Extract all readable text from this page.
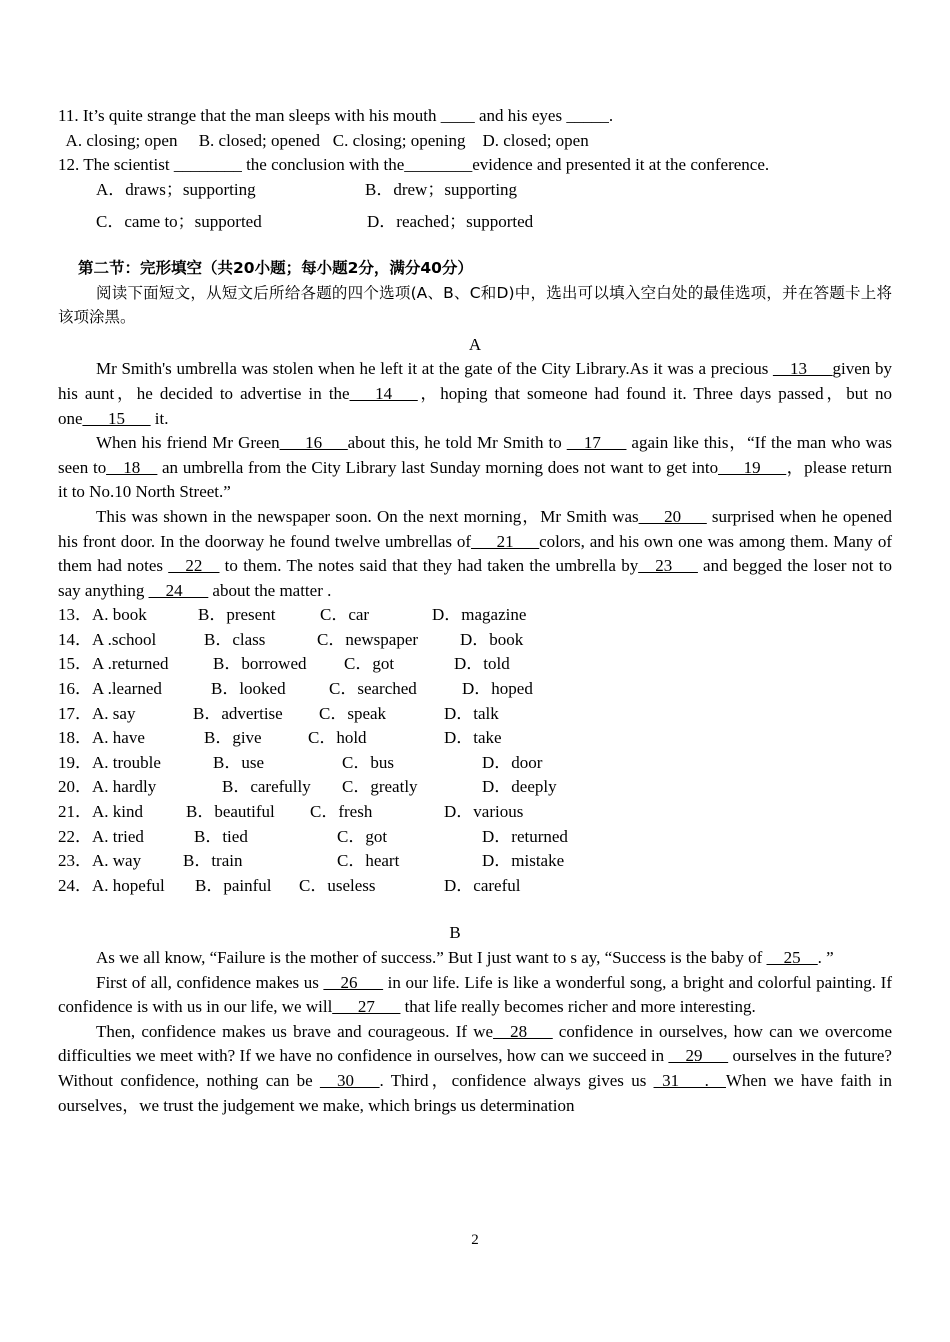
11. It’s quite strange that the man sleeps with his mouth ____ and his eyes _____.

A. closing; open     B. closed; opened   C. closing; opening    D. closed; open

12. The scientist ________ the conclusion with the________evidence and presented it at the conference.

A．draws；supporting	B．drew；supporting

C．came to；supported	D．reached；supported

第二节：完形填空（共20小题；每小题2分，满分40分）

阅读下面短文，从短文后所给各题的四个选项(A、B、C和D)中，选出可以填入空白处的最佳选项，并在答题卡上将该项涂黑。

A

Mr Smith's umbrella was stolen when he left it at the gate of the City Library.As it was a precious __13___given by his aunt，he decided to advertise in the___14___，hoping that someone had found it. Three days passed，but no one___15___ it.

When his friend Mr Green___16___about this, he told Mr Smith to __17___ again like this，“If the man who was seen to__18__ an umbrella from the City Library last Sunday morning does not want to get into___19___，please return it to No.10 North Street.”

This was shown in the newspaper soon. On the next morning，Mr Smith was___20___ surprised when he opened his front door. In the doorway he found twelve umbrellas of___21___colors, and his own one was among them. Many of them had notes __22__ to them. The notes said that they had taken the umbrella by__23___ and begged the loser not to say anything __24___ about the matter .

13．A. book	B．present	C．car	D．magazine

14．A .school	B．class	C．newspaper D．book

15．A .returned	B．borrowed C．got	D．told

16．A .learned	B．looked	C．searched	D．hoped

17．A. say	B．advertise C．speak	D．talk

18．A. have	B．give	C．hold	D．take

19．A. trouble	B．use	C．bus	D．door

20．A. hardly	B．carefully C．greatly	D．deeply

21．A. kind	B．beautiful C．fresh	D．various

22．A. tried	B．tied	C．got	D．returned

23．A. way B．train	C．heart	D．mistake

24．A. hopeful B．painful C．useless	D．careful

B

As we all know, “Failure is the mother of success.” But I just want to s ay, “Success is the baby of __25__. ”

First of all, confidence makes us __26___ in our life. Life is like a wonderful song, a bright and colorful painting. If confidence is with us in our life, we will___27___ that life really becomes richer and more interesting.

Then, confidence makes us brave and courageous. If we__28___ confidence in ourselves, how can we overcome difficulties we meet with? If we have no confidence in ourselves, how can we succeed in __29___ ourselves in the future? Without confidence, nothing can be __30___. Third，confidence always gives us _31___.__When we have faith in ourselves，we trust the judgement we make, which brings us determination

2
